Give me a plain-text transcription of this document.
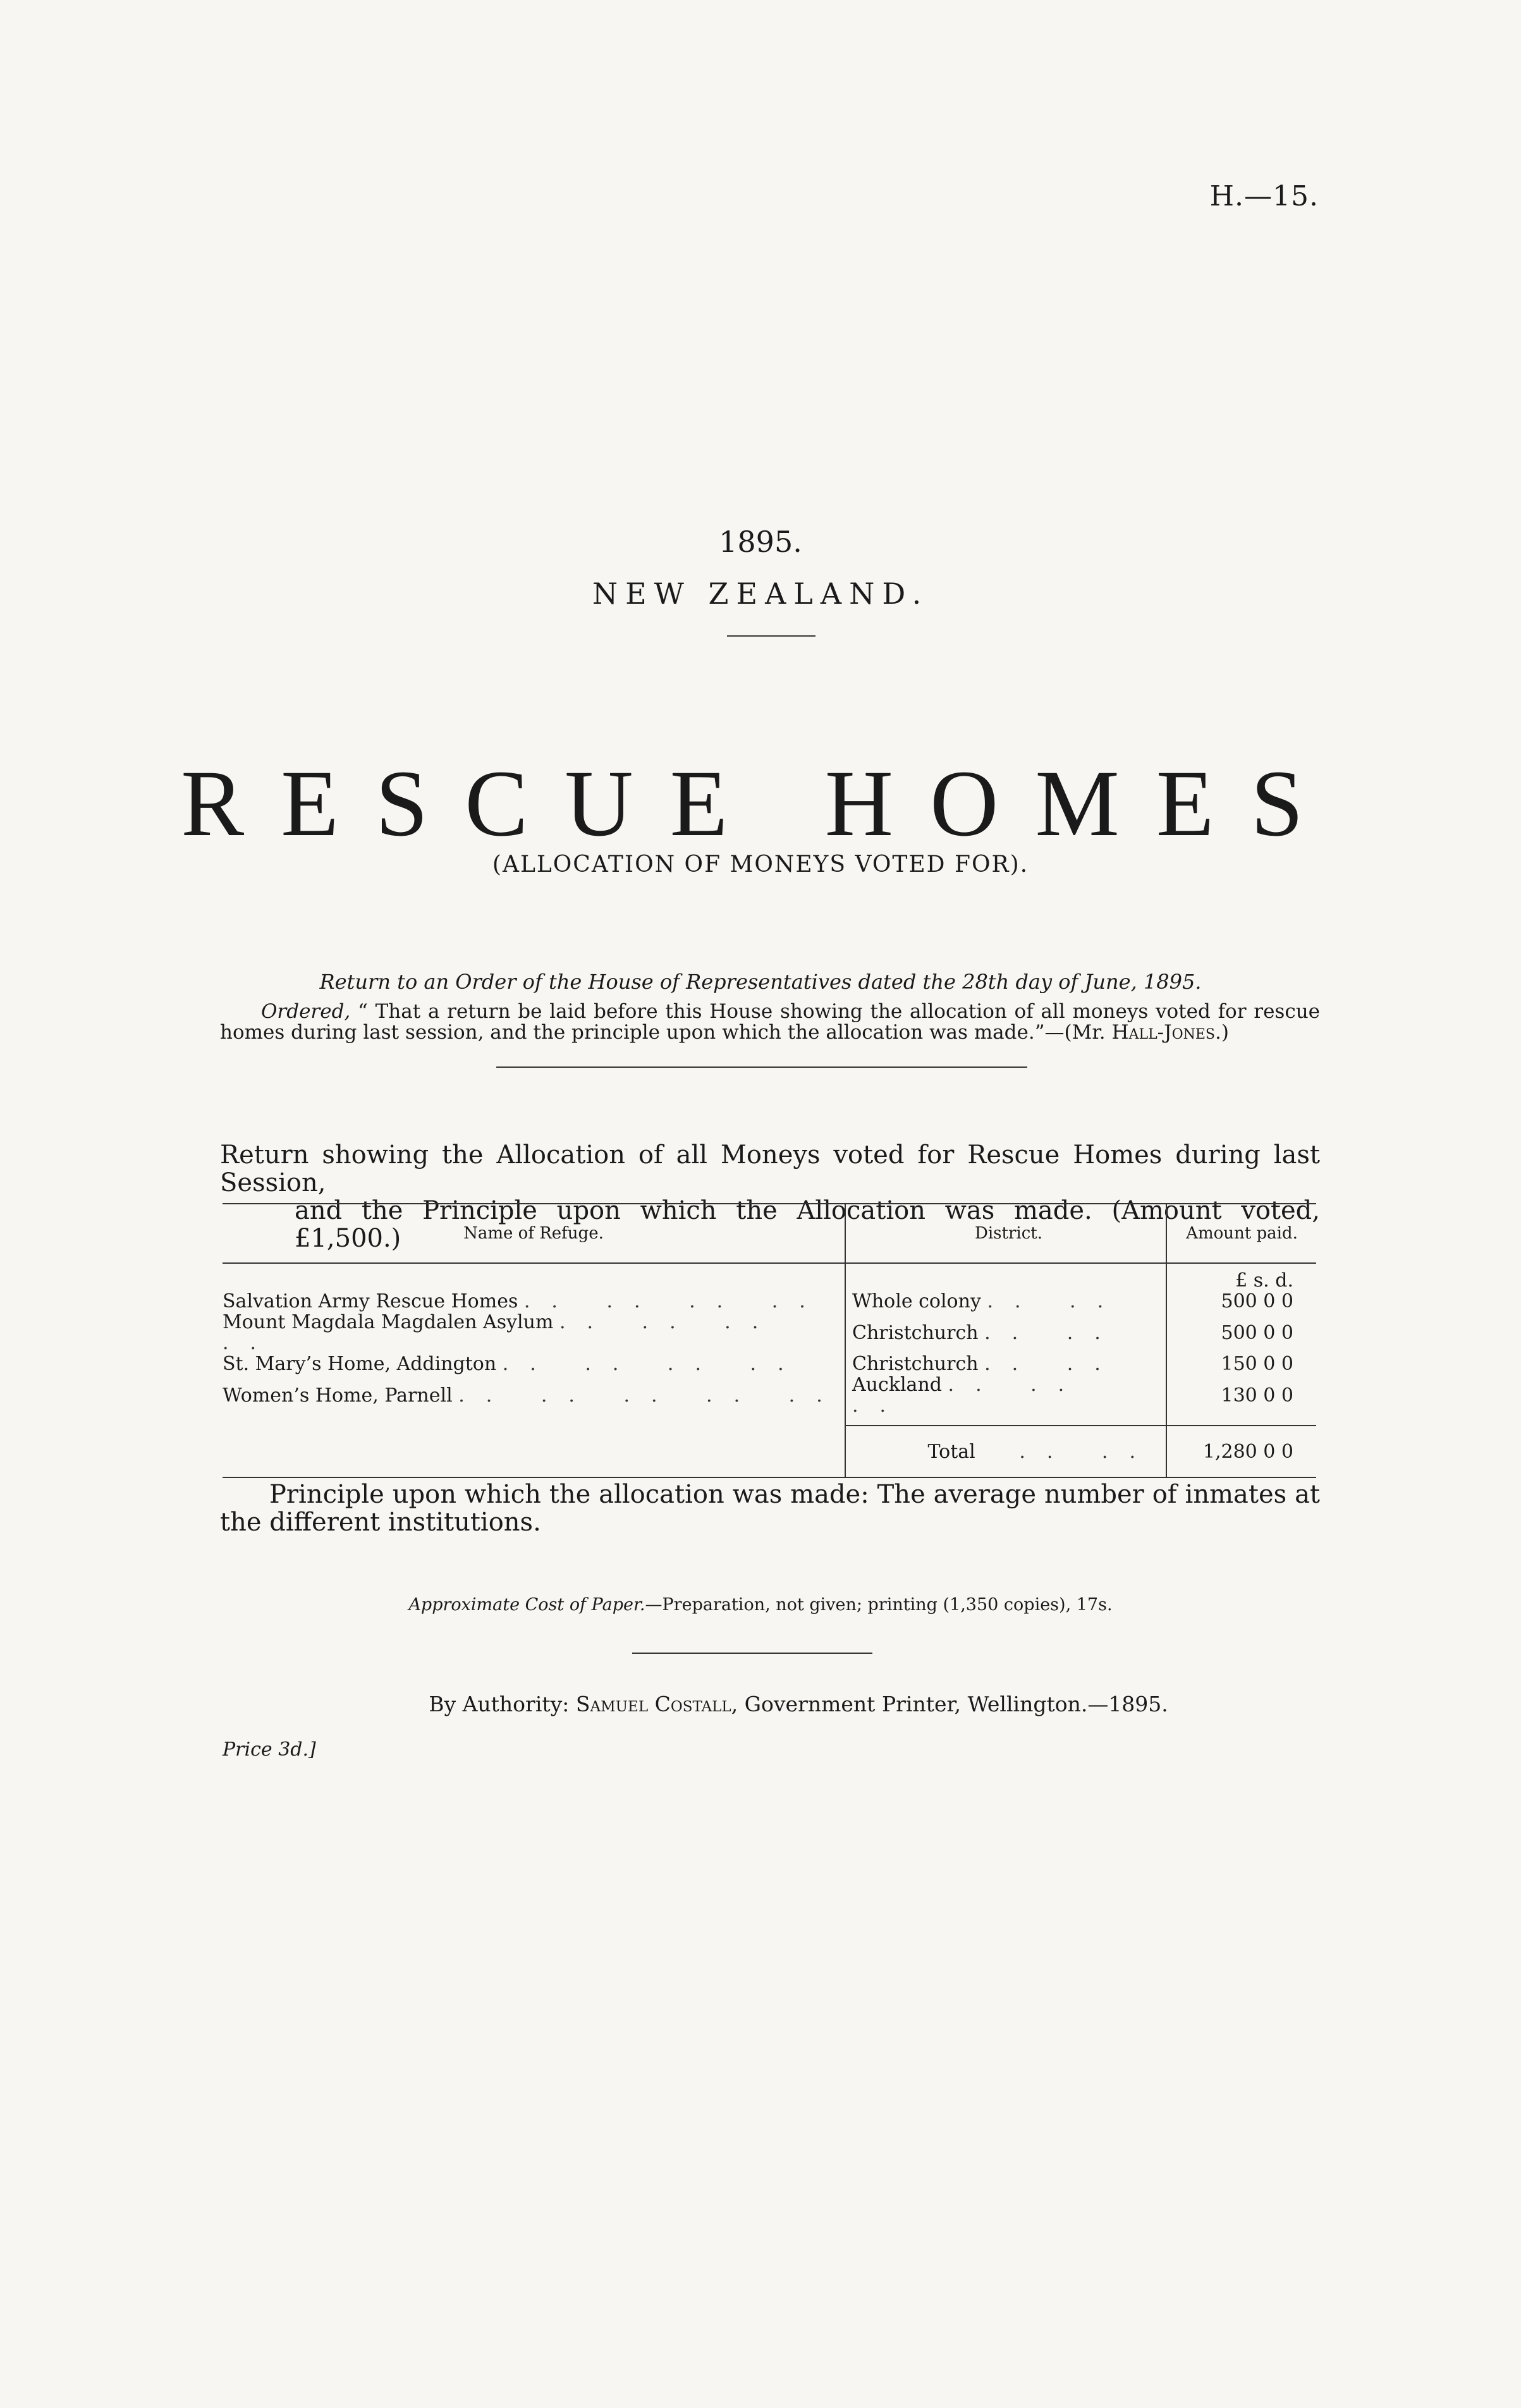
H.—15.
1895.
NEW ZEALAND.
RESCUE HOMES
(ALLOCATION OF MONEYS VOTED FOR).
Return to an Order of the House of Representatives dated the 28th day of June, 1895.
Ordered, “ That a return be laid before this House showing the allocation of all moneys voted for rescue homes during last session, and the principle upon which the allocation was made.”—(Mr. Hall-Jones.)
Return showing the Allocation of all Moneys voted for Rescue Homes during last Session,
and the Principle upon which the Allocation was made. (Amount voted, £1,500.)	Name of Refuge.	District.	Amount paid.
		£ s. d.
Salvation Army Rescue Homes .. .. .. ..	Whole colony .. ..	500 0 0
Mount Magdala Magdalen Asylum .. .. .. ..	Christchurch .. ..	500 0 0
St. Mary’s Home, Addington .. .. .. ..	Christchurch .. ..	150 0 0
Women’s Home, Parnell .. .. .. .. ..	Auckland .. .. ..	130 0 0
	Total .. ..	1,280 0 0
Principle upon which the allocation was made: The average number of inmates at the different institutions.
Approximate Cost of Paper.—Preparation, not given; printing (1,350 copies), 17s.
By Authority: Samuel Costall, Government Printer, Wellington.—1895.
Price 3d.]
